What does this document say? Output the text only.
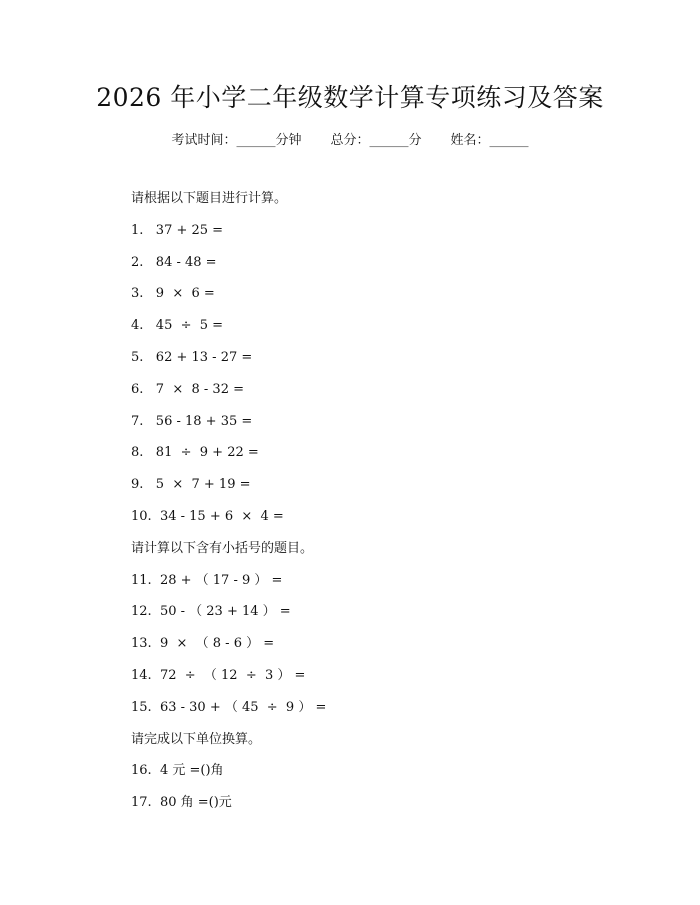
2026 年小学二年级数学计算专项练习及答案
考试时间：______分钟 总分：______分 姓名：______
请根据以下题目进行计算。
1.   37 + 25 =
2.   84 - 48 =
3.   9  ×  6 =
4.   45  ÷  5 =
5.   62 + 13 - 27 =
6.   7  ×  8 - 32 =
7.   56 - 18 + 35 =
8.   81  ÷  9 + 22 =
9.   5  ×  7 + 19 =
10.  34 - 15 + 6  ×  4 =
请计算以下含有小括号的题目。
11.  28 + （ 17 - 9 ） =
12.  50 - （ 23 + 14 ） =
13.  9  ×  （ 8 - 6 ） =
14.  72  ÷  （ 12  ÷  3 ） =
15.  63 - 30 + （ 45  ÷  9 ） =
请完成以下单位换算。
16.  4 元 =()角
17.  80 角 =()元
